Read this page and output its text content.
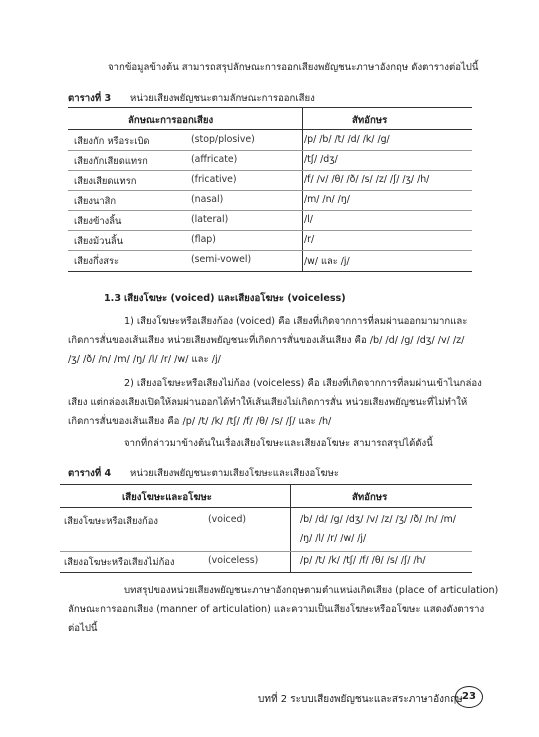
จากข้อมูลข้างต้น สามารถสรุปลักษณะการออกเสียงพยัญชนะภาษาอังกฤษ ดังตารางต่อไปนี้
ตารางที่ 3 หน่วยเสียงพยัญชนะตามลักษณะการออกเสียง
ลักษณะการออกเสียง	สัทอักษร
เสียงกัก หรือระเบิด	(stop/plosive)	/p/ /b/ /t/ /d/ /k/ /g/
เสียงกักเสียดแทรก	(affricate)	/tʃ/ /dʒ/
เสียงเสียดแทรก	(fricative)	/f/ /v/ /θ/ /ð/ /s/ /z/ /ʃ/ /ʒ/ /h/
เสียงนาสิก	(nasal)	/m/ /n/ /ŋ/
เสียงข้างลิ้น	(lateral)	/l/
เสียงม้วนลิ้น	(flap)	/r/
เสียงกึ่งสระ	(semi-vowel)	/w/ และ /j/
1.3 เสียงโฆษะ (voiced) และเสียงอโฆษะ (voiceless)
1) เสียงโฆษะหรือเสียงก้อง (voiced) คือ เสียงที่เกิดจากการที่ลมผ่านออกมามากและ
เกิดการสั่นของเส้นเสียง หน่วยเสียงพยัญชนะที่เกิดการสั่นของเส้นเสียง คือ /b/ /d/ /g/ /dʒ/ /v/ /z/
/ʒ/ /ð/ /n/ /m/ /ŋ/ /l/ /r/ /w/ และ /j/
2) เสียงอโฆษะหรือเสียงไม่ก้อง (voiceless) คือ เสียงที่เกิดจากการที่ลมผ่านเข้าไนกล่อง
เสียง แต่กล่องเสียงเปิดให้ลมผ่านออกได้ทำให้เส้นเสียงไม่เกิดการสั่น หน่วยเสียงพยัญชนะที่ไม่ทำให้
เกิดการสั่นของเส้นเสียง คือ /p/ /t/ /k/ /tʃ/ /f/ /θ/ /s/ /ʃ/ และ /h/
จากที่กล่าวมาข้างต้นในเรื่องเสียงโฆษะและเสียงอโฆษะ สามารถสรุปได้ดังนี้
ตารางที่ 4 หน่วยเสียงพยัญชนะตามเสียงโฆษะและเสียงอโฆษะ
เสียงโฆษะและอโฆษะ	สัทอักษร
เสียงโฆษะหรือเสียงก้อง	(voiced)	/b/ /d/ /g/ /dʒ/ /v/ /z/ /ʒ/ /ð/ /n/ /m/
/ŋ/ /l/ /r/ /w/ /j/
เสียงอโฆษะหรือเสียงไม่ก้อง	(voiceless)	/p/ /t/ /k/ /tʃ/ /f/ /θ/ /s/ /ʃ/ /h/
บทสรุปของหน่วยเสียงพยัญชนะภาษาอังกฤษตามตำแหน่งเกิดเสียง (place of articulation)
ลักษณะการออกเสียง (manner of articulation) และความเป็นเสียงโฆษะหรืออโฆษะ แสดงดังตาราง
ต่อไปนี้
บทที่ 2 ระบบเสียงพยัญชนะและสระภาษาอังกฤษ 23
